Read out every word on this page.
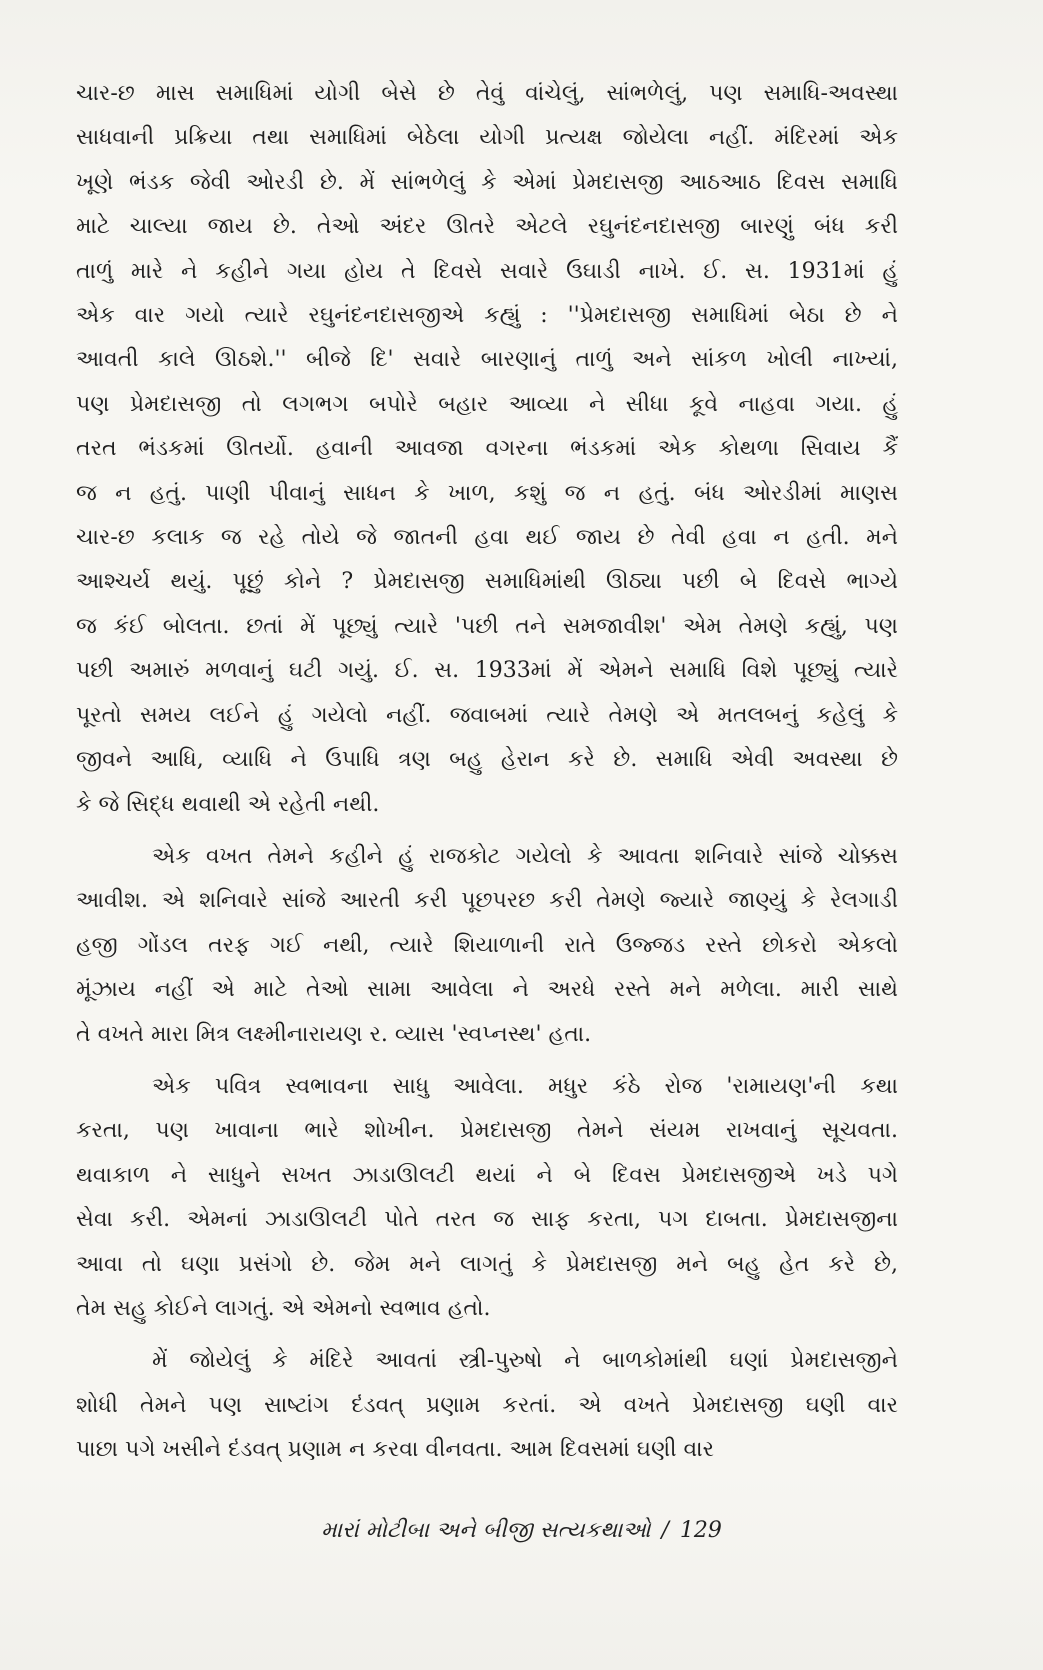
ચાર-છ માસ સમાધિમાં યોગી બેસે છે તેવું વાંચેલું, સાંભળેલું, પણ સમાધિ-અવસ્થા
સાધવાની પ્રક્રિયા તથા સમાધિમાં બેઠેલા યોગી પ્રત્યક્ષ જોયેલા નહીં. મંદિરમાં એક
ખૂણે ભંડક જેવી ઓરડી છે. મેં સાંભળેલું કે એમાં પ્રેમદાસજી આઠઆઠ દિવસ સમાધિ
માટે ચાલ્યા જાય છે. તેઓ અંદર ઊતરે એટલે રઘુનંદનદાસજી બારણું બંધ કરી
તાળું મારે ને કહીને ગયા હોય તે દિવસે સવારે ઉઘાડી નાખે. ઈ. સ. 1931માં હું
એક વાર ગયો ત્યારે રઘુનંદનદાસજીએ કહ્યું : ''પ્રેમદાસજી સમાધિમાં બેઠા છે ને
આવતી કાલે ઊઠશે.'' બીજે દિ' સવારે બારણાનું તાળું અને સાંકળ ખોલી નાખ્યાં,
પણ પ્રેમદાસજી તો લગભગ બપોરે બહાર આવ્યા ને સીધા કૂવે નાહવા ગયા. હું
તરત ભંડકમાં ઊતર્યો. હવાની આવજા વગરના ભંડકમાં એક કોથળા સિવાય કૈં
જ ન હતું. પાણી પીવાનું સાધન કે ખાળ, કશું જ ન હતું. બંધ ઓરડીમાં માણસ
ચાર-છ કલાક જ રહે તોયે જે જાતની હવા થઈ જાય છે તેવી હવા ન હતી. મને
આશ્ચર્ય થયું. પૂછું કોને ? પ્રેમદાસજી સમાધિમાંથી ઊઠ્યા પછી બે દિવસે ભાગ્યે
જ કંઈ બોલતા. છતાં મેં પૂછ્યું ત્યારે 'પછી તને સમજાવીશ' એમ તેમણે કહ્યું, પણ
પછી અમારું મળવાનું ઘટી ગયું. ઈ. સ. 1933માં મેં એમને સમાધિ વિશે પૂછ્યું ત્યારે
પૂરતો સમય લઈને હું ગયેલો નહીં. જવાબમાં ત્યારે તેમણે એ મતલબનું કહેલું કે
જીવને આધિ, વ્યાધિ ને ઉપાધિ ત્રણ બહુ હેરાન કરે છે. સમાધિ એવી અવસ્થા છે
કે જે સિદ્ધ થવાથી એ રહેતી નથી.
એક વખત તેમને કહીને હું રાજકોટ ગયેલો કે આવતા શનિવારે સાંજે ચોક્કસ
આવીશ. એ શનિવારે સાંજે આરતી કરી પૂછપરછ કરી તેમણે જ્યારે જાણ્યું કે રેલગાડી
હજી ગોંડલ તરફ ગઈ નથી, ત્યારે શિયાળાની રાતે ઉજ્જડ રસ્તે છોકરો એકલો
મૂંઝાય નહીં એ માટે તેઓ સામા આવેલા ને અરધે રસ્તે મને મળેલા. મારી સાથે
તે વખતે મારા મિત્ર લક્ષ્મીનારાયણ ર. વ્યાસ 'સ્વપ્નસ્થ' હતા.
એક પવિત્ર સ્વભાવના સાધુ આવેલા. મધુર કંઠે રોજ 'રામાયણ'ની કથા
કરતા, પણ ખાવાના ભારે શોખીન. પ્રેમદાસજી તેમને સંયમ રાખવાનું સૂચવતા.
થવાકાળ ને સાધુને સખત ઝાડાઊલટી થયાં ને બે દિવસ પ્રેમદાસજીએ ખડે પગે
સેવા કરી. એમનાં ઝાડાઊલટી પોતે તરત જ સાફ કરતા, પગ દાબતા. પ્રેમદાસજીના
આવા તો ઘણા પ્રસંગો છે. જેમ મને લાગતું કે પ્રેમદાસજી મને બહુ હેત કરે છે,
તેમ સહુ કોઈને લાગતું. એ એમનો સ્વભાવ હતો.
મેં જોયેલું કે મંદિરે આવતાં સ્ત્રી-પુરુષો ને બાળકોમાંથી ઘણાં પ્રેમદાસજીને
શોધી તેમને પણ સાષ્ટાંગ દંડવત્ પ્રણામ કરતાં. એ વખતે પ્રેમદાસજી ઘણી વાર
પાછા પગે ખસીને દંડવત્ પ્રણામ ન કરવા વીનવતા. આમ દિવસમાં ઘણી વાર
મારાં મોટીબા અને બીજી સત્યકથાઓ / 129
